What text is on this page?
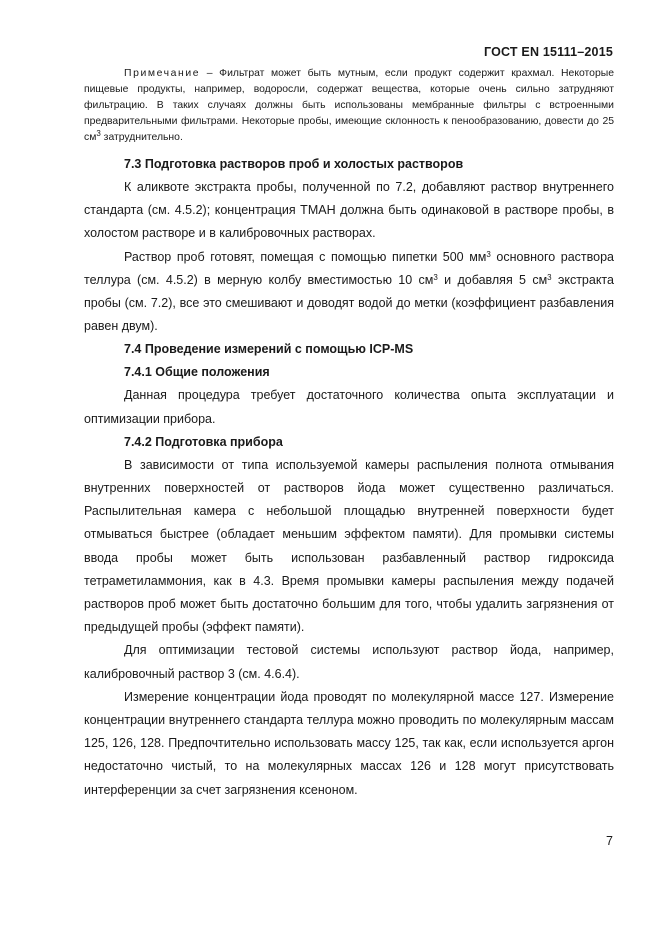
ГОСТ EN 15111–2015

Примечание – Фильтрат может быть мутным, если продукт содержит крахмал. Некоторые пищевые продукты, например, водоросли, содержат вещества, которые очень сильно затрудняют фильтрацию. В таких случаях должны быть использованы мембранные фильтры с встроенными предварительными фильтрами. Некоторые пробы, имеющие склонность к пенообразованию, довести до 25 $см^3$ затруднительно.

7.3 Подготовка растворов проб и холостых растворов

К аликвоте экстракта пробы, полученной по 7.2, добавляют раствор внутреннего стандарта (см. 4.5.2); концентрация ТМАН должна быть одинаковой в растворе пробы, в холостом растворе и в калибровочных растворах.

Раствор проб готовят, помещая с помощью пипетки 500 $мм^3$ основного раствора теллура (см. 4.5.2) в мерную колбу вместимостью 10 $см^3$ и добавляя 5 $см^3$ экстракта пробы (см. 7.2), все это смешивают и доводят водой до метки (коэффициент разбавления равен двум).

7.4 Проведение измерений с помощью ICP-MS

7.4.1 Общие положения

Данная процедура требует достаточного количества опыта эксплуатации и оптимизации прибора.

7.4.2 Подготовка прибора

В зависимости от типа используемой камеры распыления полнота отмывания внутренних поверхностей от растворов йода может существенно различаться. Распылительная камера с небольшой площадью внутренней поверхности будет отмываться быстрее (обладает меньшим эффектом памяти). Для промывки системы ввода пробы может быть использован разбавленный раствор гидроксида тетраметиламмония, как в 4.3. Время промывки камеры распыления между подачей растворов проб может быть достаточно большим для того, чтобы удалить загрязнения от предыдущей пробы (эффект памяти).

Для оптимизации тестовой системы используют раствор йода, например, калибровочный раствор 3 (см. 4.6.4).

Измерение концентрации йода проводят по молекулярной массе 127. Измерение концентрации внутреннего стандарта теллура можно проводить по молекулярным массам 125, 126, 128. Предпочтительно использовать массу 125, так как, если используется аргон недостаточно чистый, то на молекулярных массах 126 и 128 могут присутствовать интерференции за счет загрязнения ксеноном.

7
